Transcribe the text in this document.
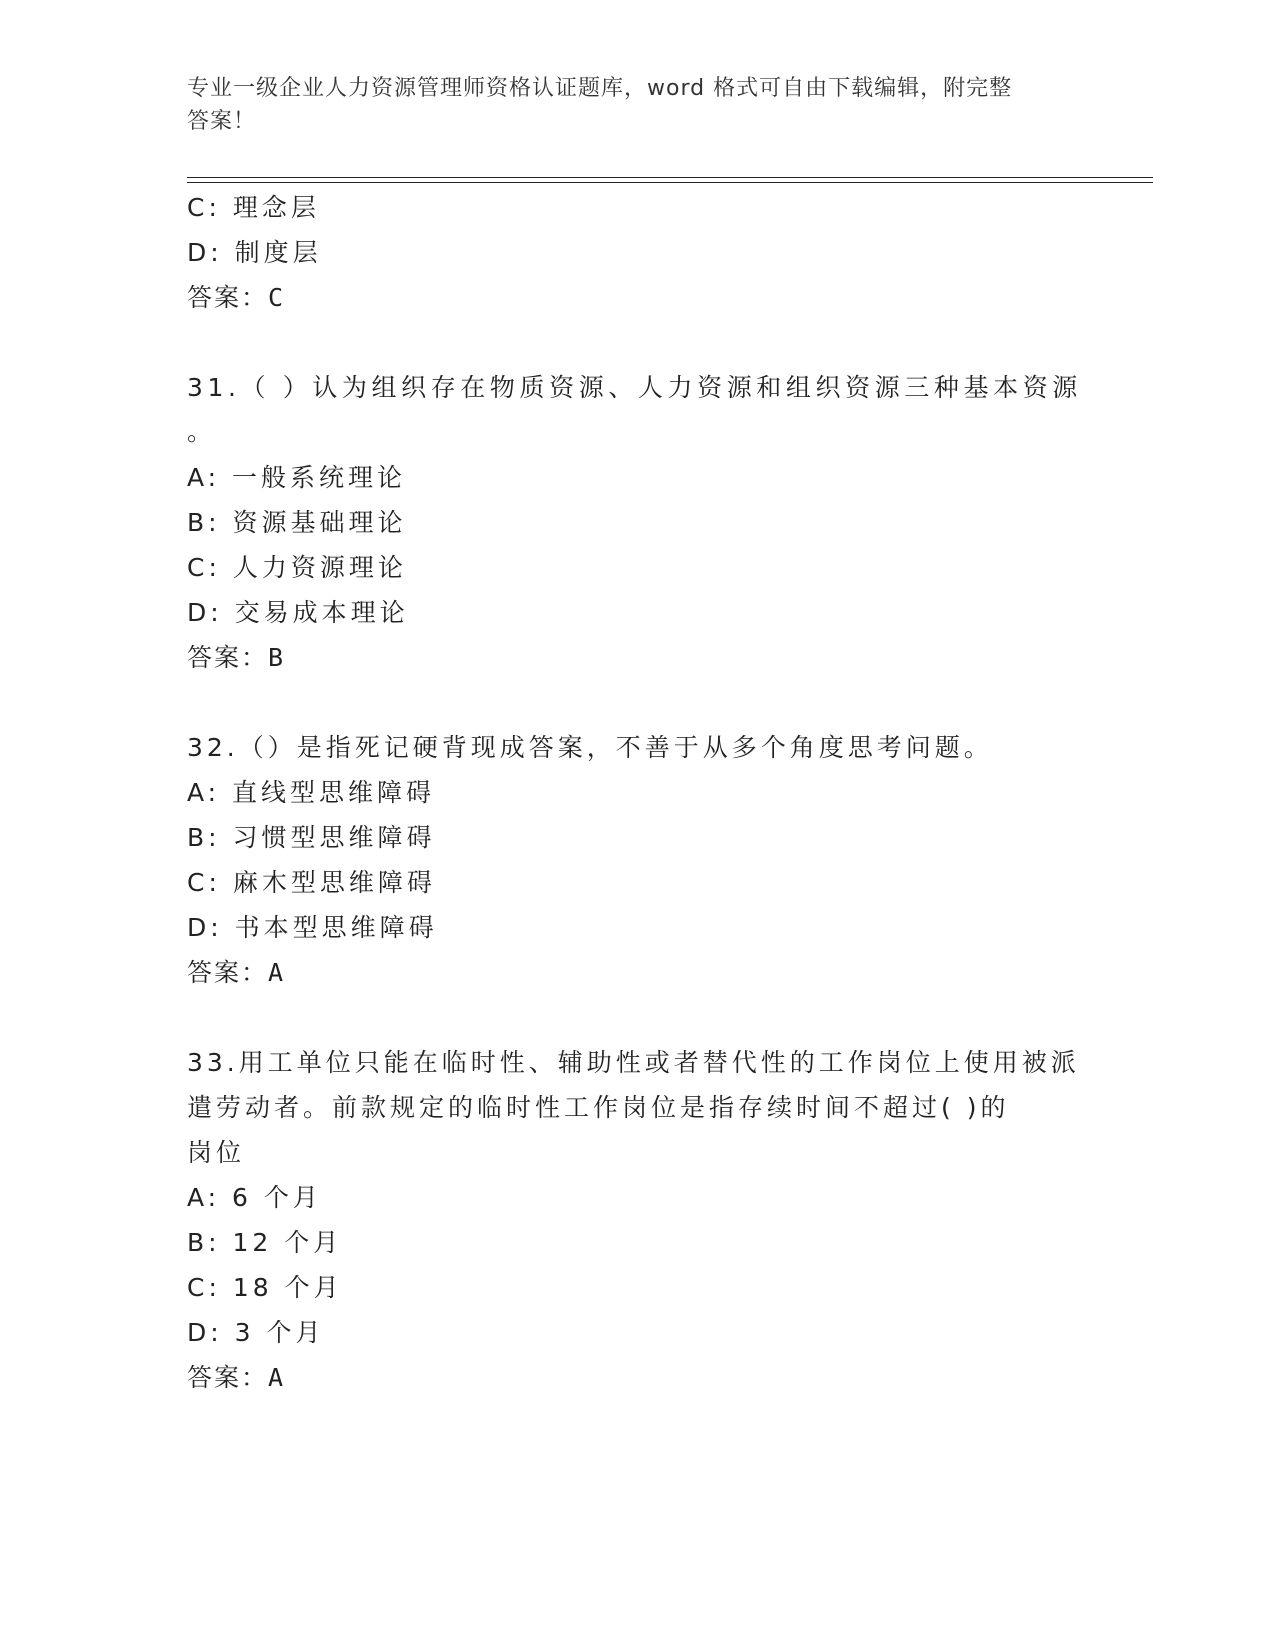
专业一级企业人力资源管理师资格认证题库，word 格式可自由下载编辑，附完整
答案！
C: 理念层
D: 制度层
答案：C
31.（ ）认为组织存在物质资源、人力资源和组织资源三种基本资源
。
A: 一般系统理论
B: 资源基础理论
C: 人力资源理论
D: 交易成本理论
答案：B
32.（）是指死记硬背现成答案，不善于从多个角度思考问题。
A: 直线型思维障碍
B: 习惯型思维障碍
C: 麻木型思维障碍
D: 书本型思维障碍
答案：A
33.用工单位只能在临时性、辅助性或者替代性的工作岗位上使用被派
遣劳动者。前款规定的临时性工作岗位是指存续时间不超过( )的
岗位
A: 6 个月
B: 12 个月
C: 18 个月
D: 3 个月
答案：A
